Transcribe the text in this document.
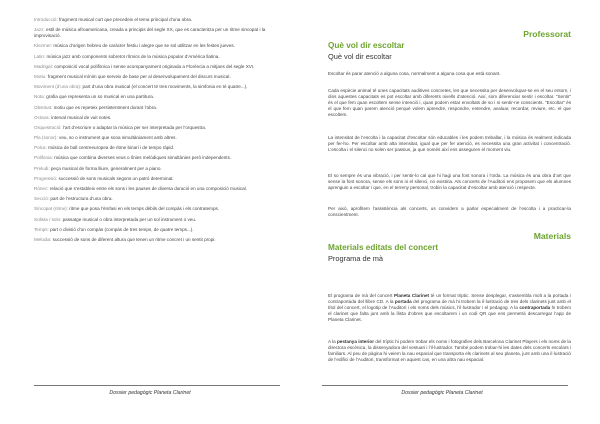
Introducció: fragment musical curt que precedeix el tema principal d’una obra.
Jazz: estil de música afroamericana, creada a principis del segle XX, que es caracteritza per un ritme sincopat i la improvisació.
Klezmer: música d’origen hebreu de caràcter festiu i alegre que se sol utilitzar en les festes jueves.
Latin: música jazz amb components sobretot rítmics de la música popular d’Amèrica llatina.
Madrigal: composició vocal polifònica i sense acompanyament originada a Florència a mitjans del segle XVI.
Motiu: fragment musical mínim que serveix de base per al desenvolupament del discurs musical.
Moviment (d’una obra): part d’una obra musical (el concert té tres moviments, la simfonia en té quatre...).
Nota: grafia que representa un so musical en una partitura.
Obstinat: motiu que es repeteix persistentment durant l’obra.
Octava: interval musical de vuit notes.
Orquestració: l’art d’escriure o adaptar la música per ser interpretada per l’orquestra.
Pla (sonor): veu, so o instrument que sona simultàniament amb altres.
Polca: música de ball centreeuropea de ritme binari i de tempo ràpid.
Polifonia: música que combina diverses veus o línies melòdiques simultànies però independents.
Preludi: peça musical de forma lliure, generalment per a piano.
Progressió: successió de sons musicals segons un patró determinat.
Rònec: relació que s’estableix entre els sons i les pauses de diversa duració en una composició musical.
Secció: part de l’estructura d’una obra.
Síncopat (ritme): ritme que posa l’èmfasi en els temps dèbils del compàs i els contratemps.
Solista / solo: passatge musical o obra interpretada per un sol instrument o veu.
Temps: part o divisió d’un compàs (compàs de tres temps, de quatre temps...).
Melodia: successió de sons de diferent altura que tenen un ritme concret i un sentit propi.
Dossier pedagògic Planeta Clarinet
Professorat
Què vol dir escoltar
Què vol dir escoltar
Escoltar és parar atenció a alguna cosa, normalment a alguna cosa que està sonant.
Cada espècie animal té unes capacitats auditives concretes, les que necessita per desenvolupar-se en el seu entorn, i dins aquestes capacitats es pot escoltar amb diferents nivells d’atenció. Així, som diferenciar sentir i escoltar. “Sentir” és el que fem quan escoltem sense intenció i, quan podem estar envoltats de so i ni sentir-ne conscients. “Escoltar” és el que fem quan parem atenció perquè volem aprendre, respondre, entendre, avaluar, recordar, reviure, etc. el que escoltem.
La intensitat de l’escolta i la capacitat d’escoltar són educables i les podem treballar, i la música és realment indicada per fer-ho. Per escoltar amb alta intensitat, igual que per fer atenció, es necessita una gran activitat i concentració. L’escolta i el silenci no solen ser passius, ja que només així ens asseguren el moment viu.
El so sempre és una vibració, i per sentir-lo cal que hi hagi una font sonora i l’oïda. La música és una obra d’art que sense la font sonora, sense els sons ni el silenci, no existiria. Als concerts de l’Auditori ens proposem que els alumnes aprenguin a escoltar i que, en el terreny personal, trobin la capacitat d’escoltar amb atenció i respecte.
Per això, aprofitem l’assistència als concerts, us convidem a parlar especialment de l’escolta i a practicar-la conscientment.
Materials
Materials editats del concert
Programa de mà
El programa de mà del concert Planeta Clarinet té un format triptic. Sense desplegar, s’assembla molt a la portada i contraportada del llibre CD. A la portada del programa de mà hi trobem la il·lustració de tres dels clarinets junt amb el títol del concert, el logotip de l’Auditori i els noms dels músics, l’il·lustrador i el pedagog. A la contraportada hi trobem el clarinet que falta junt amb la llista d’obres que escoltarem i un codi QR que ens permetrà descarregar l’app de Planeta Clarinet.
A la pestanya interior del tríptic hi podem trobar els noms i fotografies dels Barcelona Clarinet Players i els noms de la directora escènica, la dissenyadora del vestuari i l’il·lustrador. També podem trobar-hi les dates dels concerts escolars i familiars. Al peu de pàgina hi veiem la nau espacial que transporta els clarinets al seu planeta, junt amb una il·lustració de l’edifici de l’Auditori, transformat en aquest cas, en una altra nau espacial.
Dossier pedagògic Planeta Clarinet
